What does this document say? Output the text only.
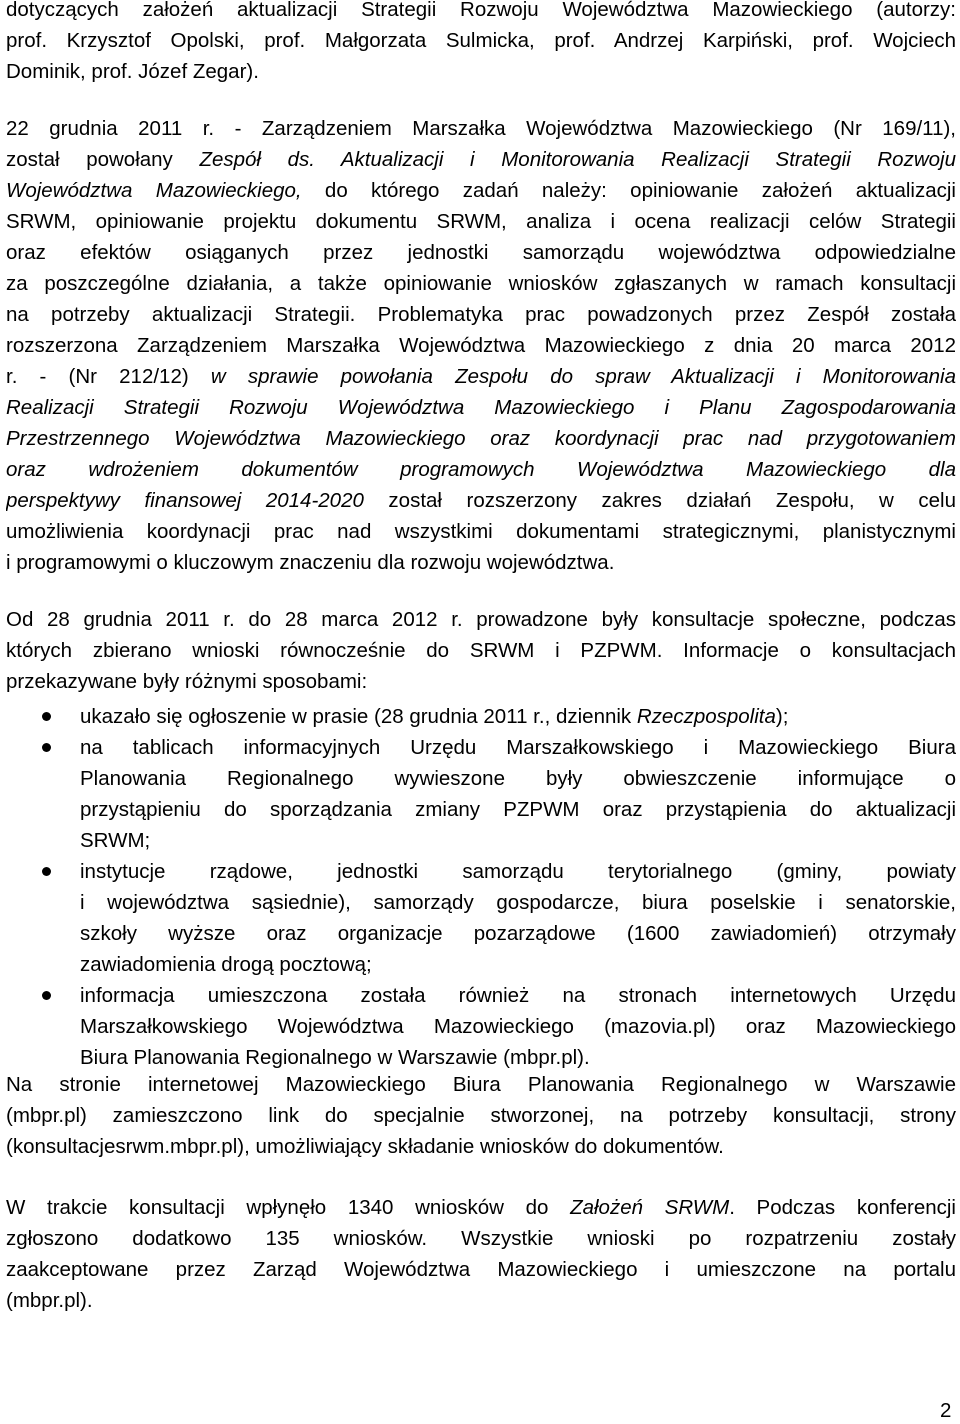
dotyczących założeń aktualizacji Strategii Rozwoju Województwa Mazowieckiego (autorzy:
prof. Krzysztof Opolski, prof. Małgorzata Sulmicka, prof. Andrzej Karpiński, prof. Wojciech
Dominik, prof. Józef Zegar).
22 grudnia 2011 r. - Zarządzeniem Marszałka Województwa Mazowieckiego (Nr 169/11),
został powołany Zespół ds. Aktualizacji i Monitorowania Realizacji Strategii Rozwoju
Województwa Mazowieckiego, do którego zadań należy: opiniowanie założeń aktualizacji
SRWM, opiniowanie projektu dokumentu SRWM, analiza i ocena realizacji celów Strategii
oraz efektów osiąganych przez jednostki samorządu województwa odpowiedzialne
za poszczególne działania, a także opiniowanie wniosków zgłaszanych w ramach konsultacji
na potrzeby aktualizacji Strategii. Problematyka prac powadzonych przez Zespół została
rozszerzona Zarządzeniem Marszałka Województwa Mazowieckiego z dnia 20 marca 2012
r. - (Nr 212/12) w sprawie powołania Zespołu do spraw Aktualizacji i Monitorowania
Realizacji Strategii Rozwoju Województwa Mazowieckiego i Planu Zagospodarowania
Przestrzennego Województwa Mazowieckiego oraz koordynacji prac nad przygotowaniem
oraz wdrożeniem dokumentów programowych Województwa Mazowieckiego dla
perspektywy finansowej 2014-2020 został rozszerzony zakres działań Zespołu, w celu
umożliwienia koordynacji prac nad wszystkimi dokumentami strategicznymi, planistycznymi
i programowymi o kluczowym znaczeniu dla rozwoju województwa.
Od 28 grudnia 2011 r. do 28 marca 2012 r. prowadzone były konsultacje społeczne, podczas
których zbierano wnioski równocześnie do SRWM i PZPWM. Informacje o konsultacjach
przekazywane były różnymi sposobami:
ukazało się ogłoszenie w prasie (28 grudnia 2011 r., dziennik Rzeczpospolita);
na tablicach informacyjnych Urzędu Marszałkowskiego i Mazowieckiego Biura
Planowania Regionalnego wywieszone były obwieszczenie informujące o
przystąpieniu do sporządzania zmiany PZPWM oraz przystąpienia do aktualizacji
SRWM;
instytucje rządowe, jednostki samorządu terytorialnego (gminy, powiaty
i województwa sąsiednie), samorządy gospodarcze, biura poselskie i senatorskie,
szkoły wyższe oraz organizacje pozarządowe (1600 zawiadomień) otrzymały
zawiadomienia drogą pocztową;
informacja umieszczona została również na stronach internetowych Urzędu
Marszałkowskiego Województwa Mazowieckiego (mazovia.pl) oraz Mazowieckiego
Biura Planowania Regionalnego w Warszawie (mbpr.pl).
Na stronie internetowej Mazowieckiego Biura Planowania Regionalnego w Warszawie
(mbpr.pl) zamieszczono link do specjalnie stworzonej, na potrzeby konsultacji, strony
(konsultacjesrwm.mbpr.pl), umożliwiający składanie wniosków do dokumentów.
W trakcie konsultacji wpłynęło 1340 wniosków do Założeń SRWM. Podczas konferencji
zgłoszono dodatkowo 135 wniosków. Wszystkie wnioski po rozpatrzeniu zostały
zaakceptowane przez Zarząd Województwa Mazowieckiego i umieszczone na portalu
(mbpr.pl).
2
